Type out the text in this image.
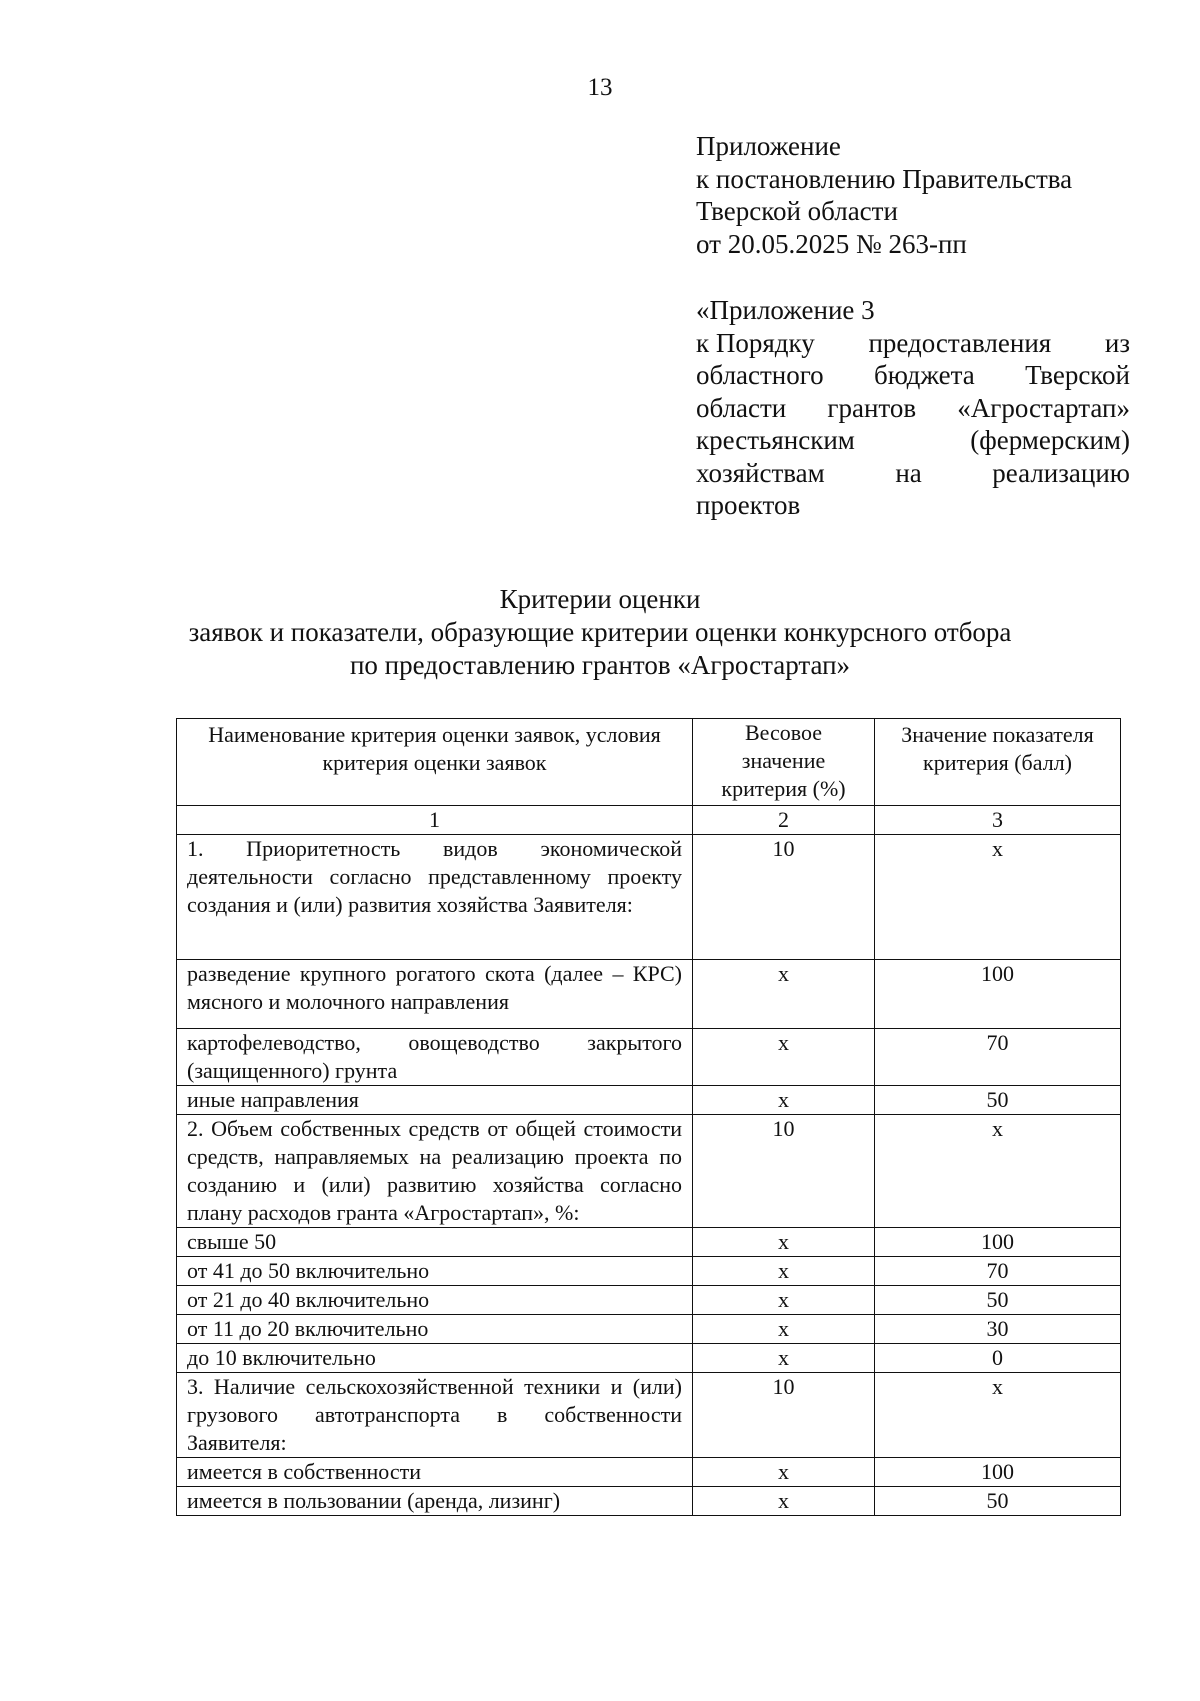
13
Приложение
к постановлению Правительства
Тверской области
от 20.05.2025 № 263-пп
«Приложение 3
к Порядку предоставления из
областного бюджета Тверской
области грантов «Агростартап»
крестьянским	(фермерским)
хозяйствам	на	реализацию
проектов
Критерии оценки
заявок и показатели, образующие критерии оценки конкурсного отбора
по предоставлению грантов «Агростартап»
Наименование критерия оценки заявок, условия критерия оценки заявок	Весовое значение критерия (%)	Значение показателя критерия (балл)
1	2	3
1. Приоритетность видов экономической деятельности согласно представленному проекту создания и (или) развития хозяйства Заявителя:	10	х
разведение крупного рогатого скота (далее – КРС) мясного и молочного направления	х	100
картофелеводство, овощеводство закрытого (защищенного) грунта	х	70
иные направления	х	50
2. Объем собственных средств от общей стоимости средств, направляемых на реализацию проекта по созданию и (или) развитию хозяйства согласно плану расходов гранта «Агростартап», %:	10	х
свыше 50	х	100
от 41 до 50 включительно	х	70
от 21 до 40 включительно	х	50
от 11 до 20 включительно	х	30
до 10 включительно	х	0
3. Наличие сельскохозяйственной техники и (или) грузового автотранспорта в собственности Заявителя:	10	х
имеется в собственности	х	100
имеется в пользовании (аренда, лизинг)	х	50
